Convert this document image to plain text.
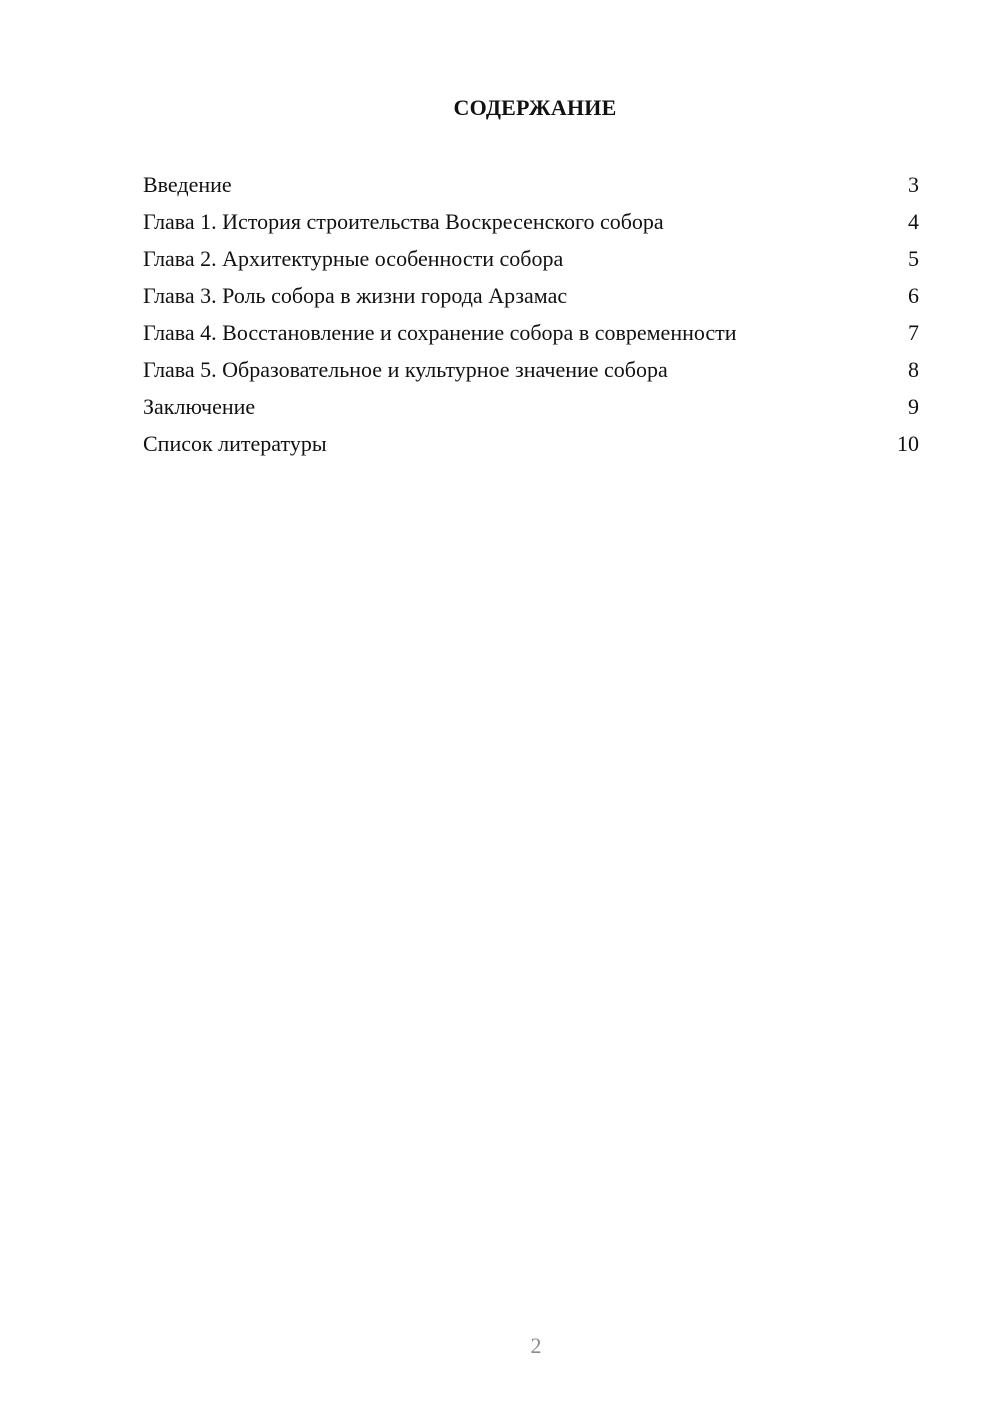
СОДЕРЖАНИЕ
Введение	3
Глава 1. История строительства Воскресенского собора	4
Глава 2. Архитектурные особенности собора	5
Глава 3. Роль собора в жизни города Арзамас	6
Глава 4. Восстановление и сохранение собора в современности	7
Глава 5. Образовательное и культурное значение собора	8
Заключение	9
Список литературы	10
2
